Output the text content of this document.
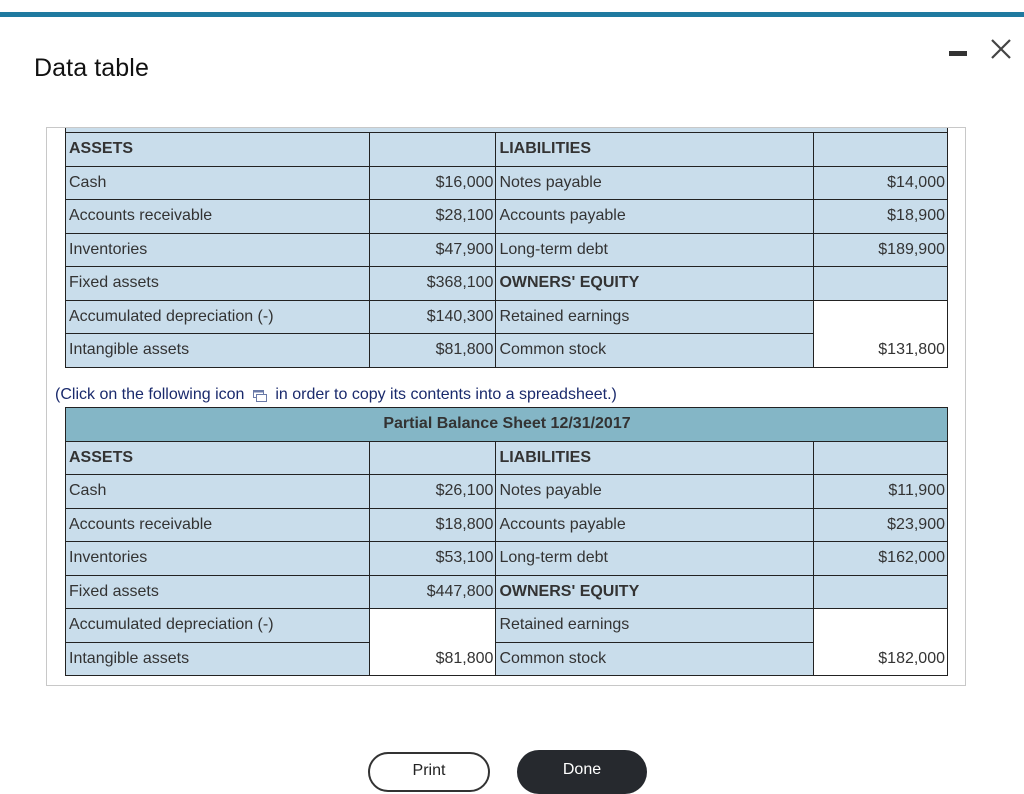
Data table
ASSETS		LIABILITIES	
Cash	$16,000	Notes payable	$14,000
Accounts receivable	$28,100	Accounts payable	$18,900
Inventories	$47,900	Long-term debt	$189,900
Fixed assets	$368,100	OWNERS' EQUITY	
Accumulated depreciation (-)	$140,300	Retained earnings	
Intangible assets	$81,800	Common stock	$131,800
(Click on the following icon in order to copy its contents into a spreadsheet.)
Partial Balance Sheet 12/31/2017			
ASSETS		LIABILITIES	
Cash	$26,100	Notes payable	$11,900
Accounts receivable	$18,800	Accounts payable	$23,900
Inventories	$53,100	Long-term debt	$162,000
Fixed assets	$447,800	OWNERS' EQUITY	
Accumulated depreciation (-)		Retained earnings	
Intangible assets	$81,800	Common stock	$182,000
Print	Done
